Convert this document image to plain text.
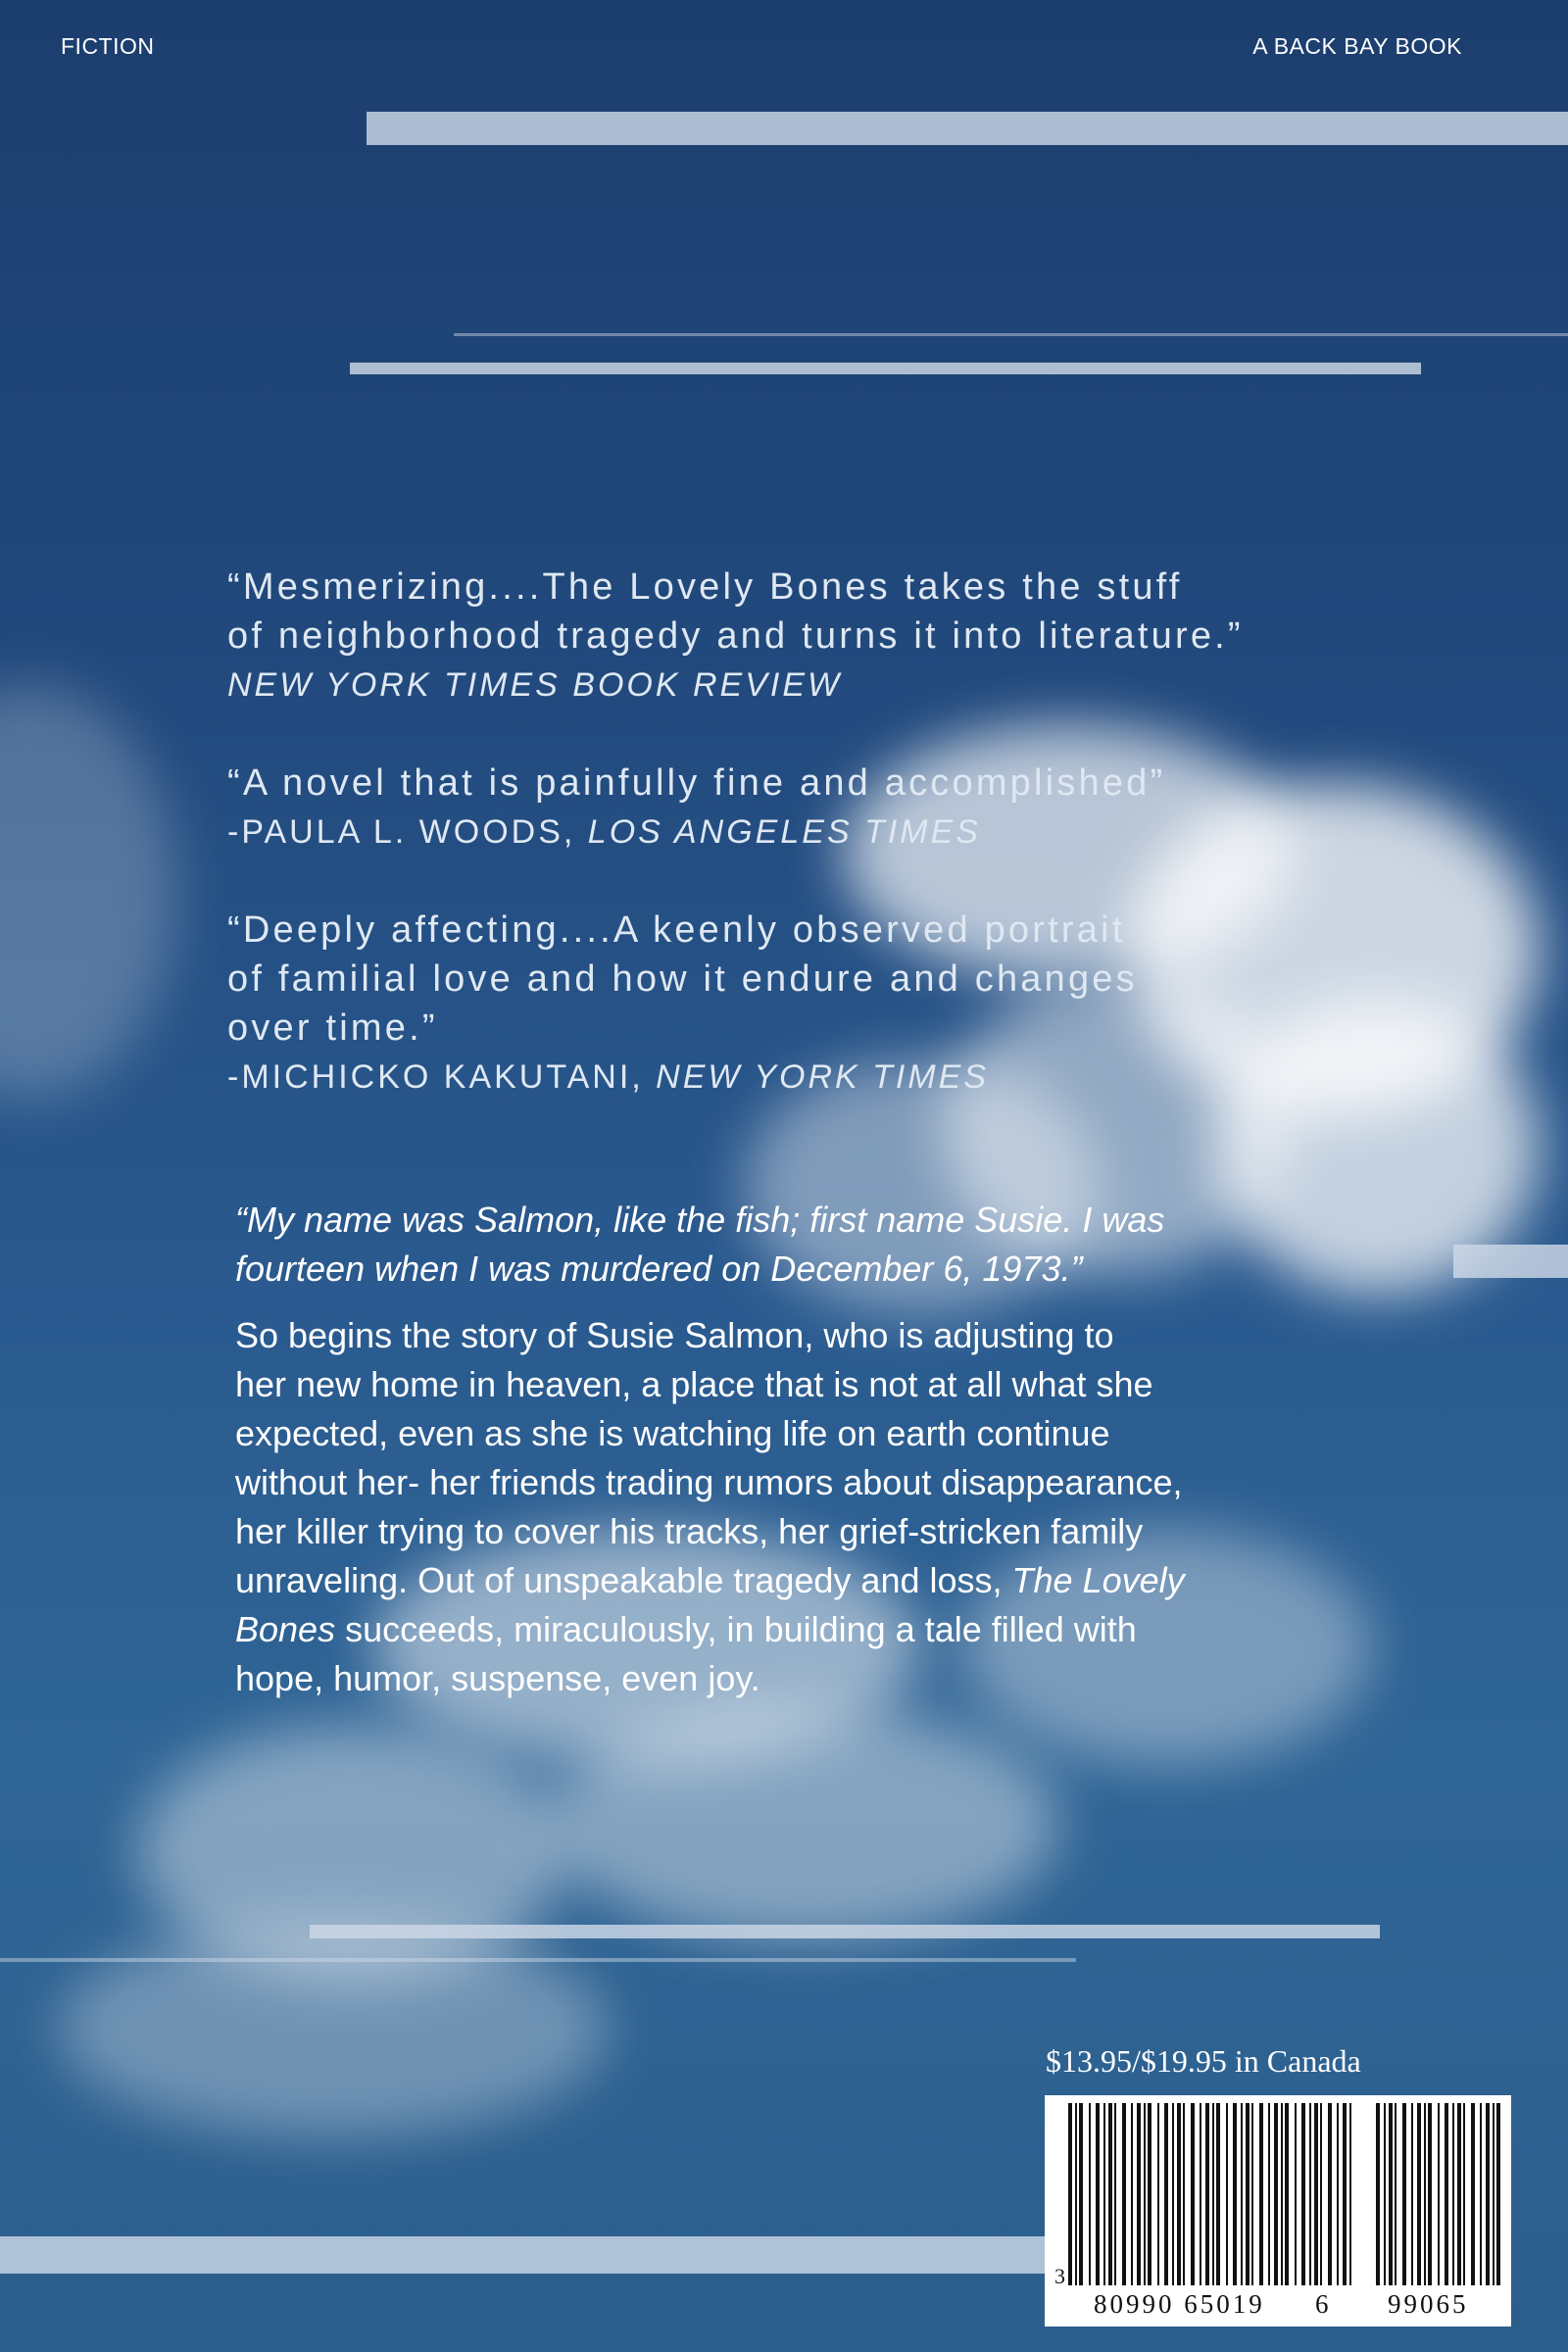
FICTION	A BACK BAY BOOK
“Mesmerizing....The Lovely Bones takes the stuff
of neighborhood tragedy and turns it into literature.”
NEW YORK TIMES BOOK REVIEW
“A novel that is painfully fine and accomplished”
-PAULA L. WOODS, LOS ANGELES TIMES
“Deeply affecting....A keenly observed portrait
of familial love and how it endure and changes
over time.”
-MICHICKO KAKUTANI, NEW YORK TIMES
“My name was Salmon, like the fish; first name Susie. I was
fourteen when I was murdered on December 6, 1973.”
So begins the story of Susie Salmon, who is adjusting to
her new home in heaven, a place that is not at all what she
expected, even as she is watching life on earth continue
without her- her friends trading rumors about disappearance,
her killer trying to cover his tracks, her grief-stricken family
unraveling. Out of unspeakable tragedy and loss, The Lovely
Bones succeeds, miraculously, in building a tale filled with
hope, humor, suspense, even joy.
$13.95/$19.95 in Canada
3
80990 65019 6 99065
